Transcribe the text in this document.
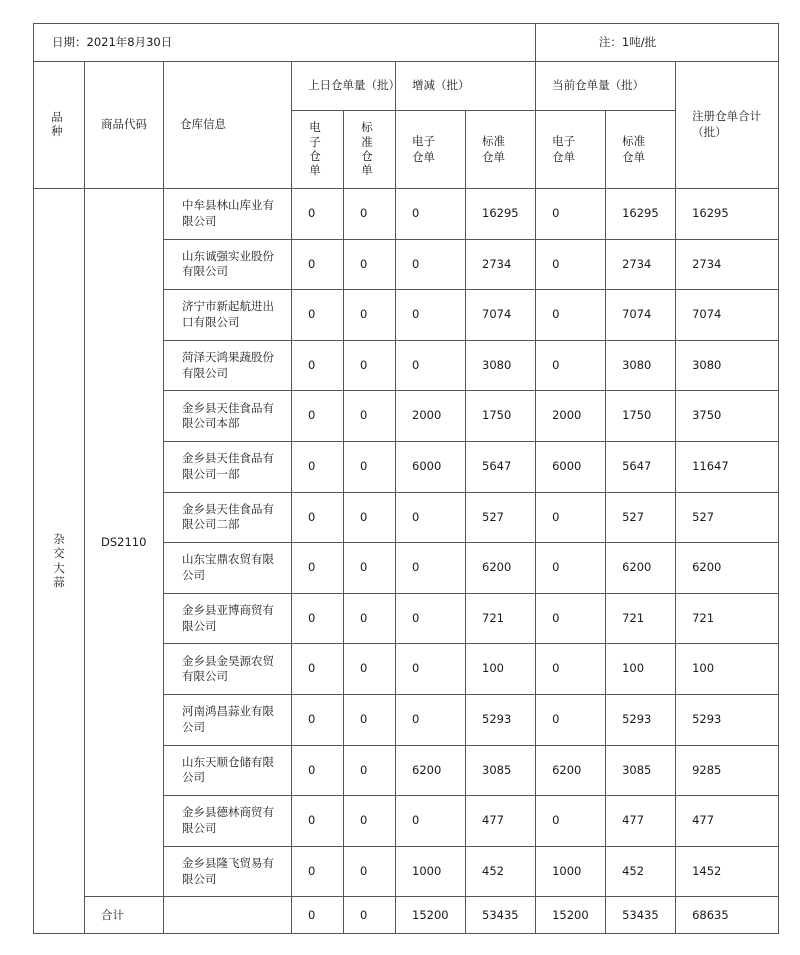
日期：2021年8月30日							注：1吨/批		
品种	商品代码	仓库信息	上日仓单量（批）		增减（批）		当前仓单量（批）		注册仓单合计（批）
			电子仓单	标准仓单	电子仓单	标准仓单	电子仓单	标准仓单	
杂交大蒜	DS2110	中牟县林山库业有限公司	0	0	0	16295	0	16295	16295
		山东诚强实业股份有限公司	0	0	0	2734	0	2734	2734
		济宁市新起航进出口有限公司	0	0	0	7074	0	7074	7074
		菏泽天鸿果蔬股份有限公司	0	0	0	3080	0	3080	3080
		金乡县天佳食品有限公司本部	0	0	2000	1750	2000	1750	3750
		金乡县天佳食品有限公司一部	0	0	6000	5647	6000	5647	11647
		金乡县天佳食品有限公司二部	0	0	0	527	0	527	527
		山东宝鼎农贸有限公司	0	0	0	6200	0	6200	6200
		金乡县亚博商贸有限公司	0	0	0	721	0	721	721
		金乡县金昊源农贸有限公司	0	0	0	100	0	100	100
		河南鸿昌蒜业有限公司	0	0	0	5293	0	5293	5293
		山东天顺仓储有限公司	0	0	6200	3085	6200	3085	9285
		金乡县德林商贸有限公司	0	0	0	477	0	477	477
		金乡县隆飞贸易有限公司	0	0	1000	452	1000	452	1452
	合计		0	0	15200	53435	15200	53435	68635
